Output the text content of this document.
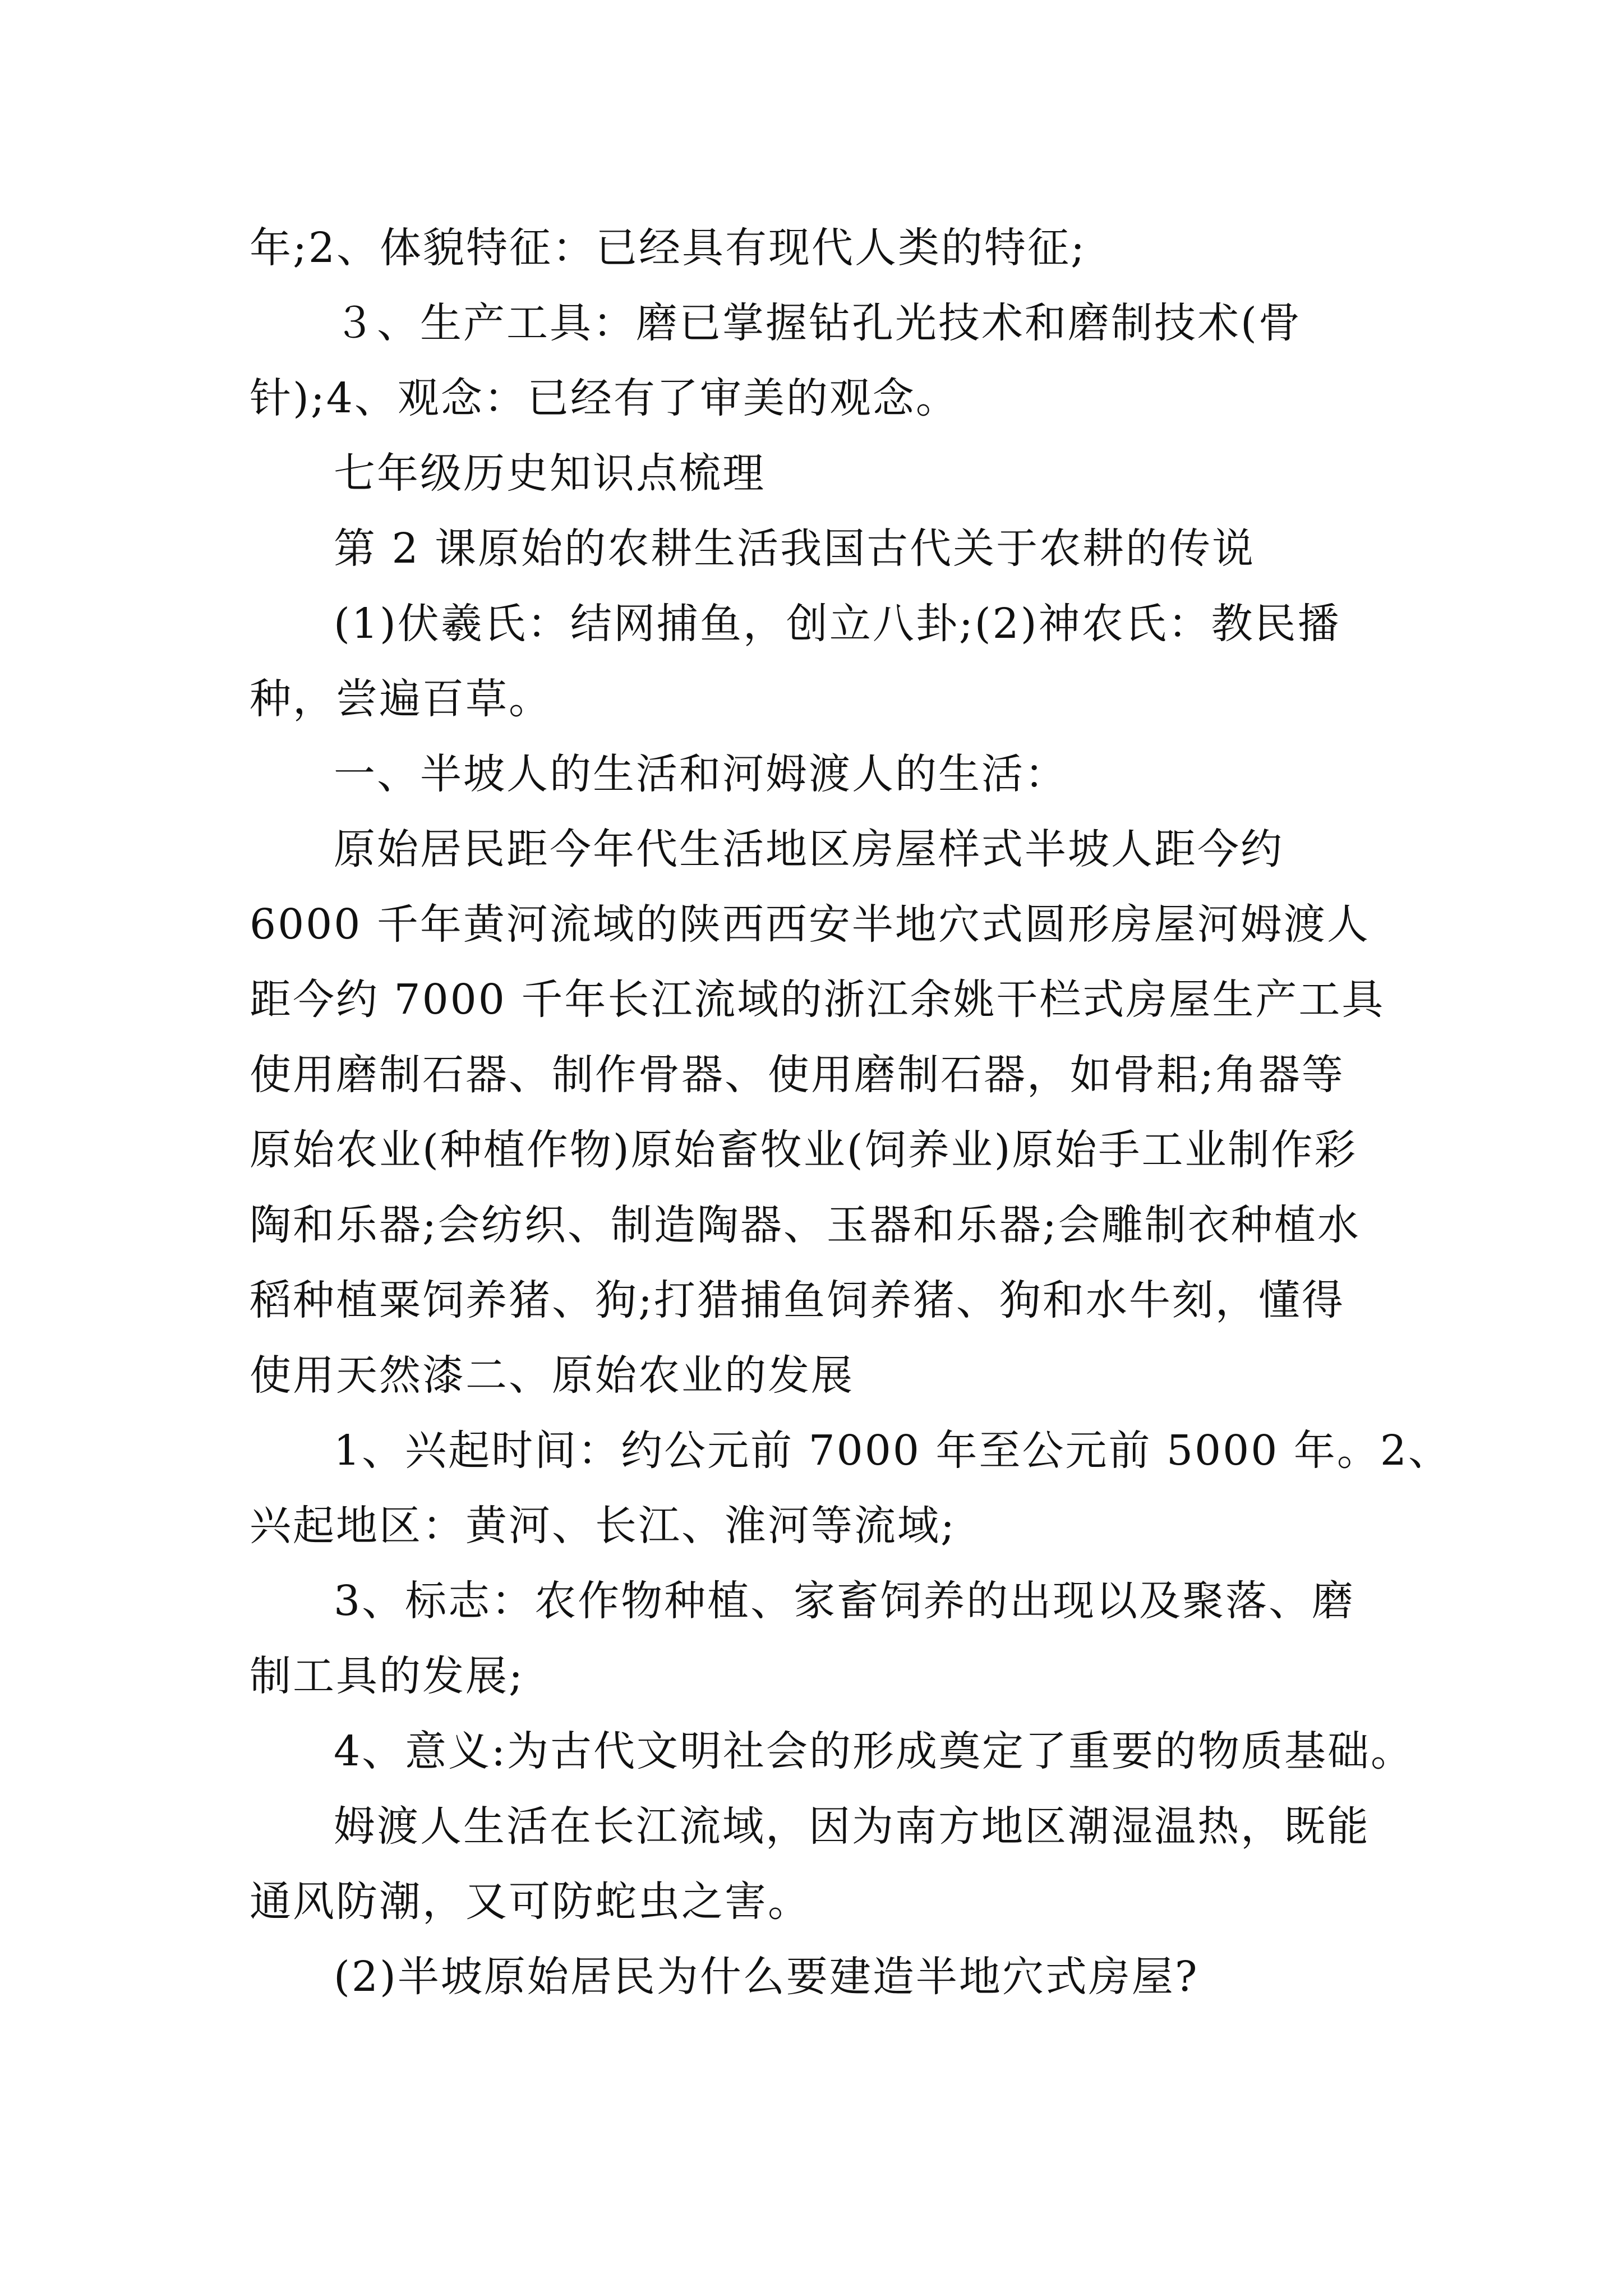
年;2、体貌特征：已经具有现代人类的特征;
３、生产工具：磨已掌握钻孔光技术和磨制技术(骨
针);4、观念：已经有了审美的观念。
七年级历史知识点梳理
第 2 课原始的农耕生活我国古代关于农耕的传说
(1)伏羲氏：结网捕鱼，创立八卦;(2)神农氏：教民播
种，尝遍百草。
一、半坡人的生活和河姆渡人的生活：
原始居民距今年代生活地区房屋样式半坡人距今约
6000 千年黄河流域的陕西西安半地穴式圆形房屋河姆渡人
距今约 7000 千年长江流域的浙江余姚干栏式房屋生产工具
使用磨制石器、制作骨器、使用磨制石器，如骨耜;角器等
原始农业(种植作物)原始畜牧业(饲养业)原始手工业制作彩
陶和乐器;会纺织、制造陶器、玉器和乐器;会雕制衣种植水
稻种植粟饲养猪、狗;打猎捕鱼饲养猪、狗和水牛刻，懂得
使用天然漆二、原始农业的发展
1、兴起时间：约公元前 7000 年至公元前 5000 年。2、
兴起地区：黄河、长江、淮河等流域;
3、标志：农作物种植、家畜饲养的出现以及聚落、磨
制工具的发展;
4、意义:为古代文明社会的形成奠定了重要的物质基础。
姆渡人生活在长江流域，因为南方地区潮湿温热，既能
通风防潮，又可防蛇虫之害。
(2)半坡原始居民为什么要建造半地穴式房屋?
